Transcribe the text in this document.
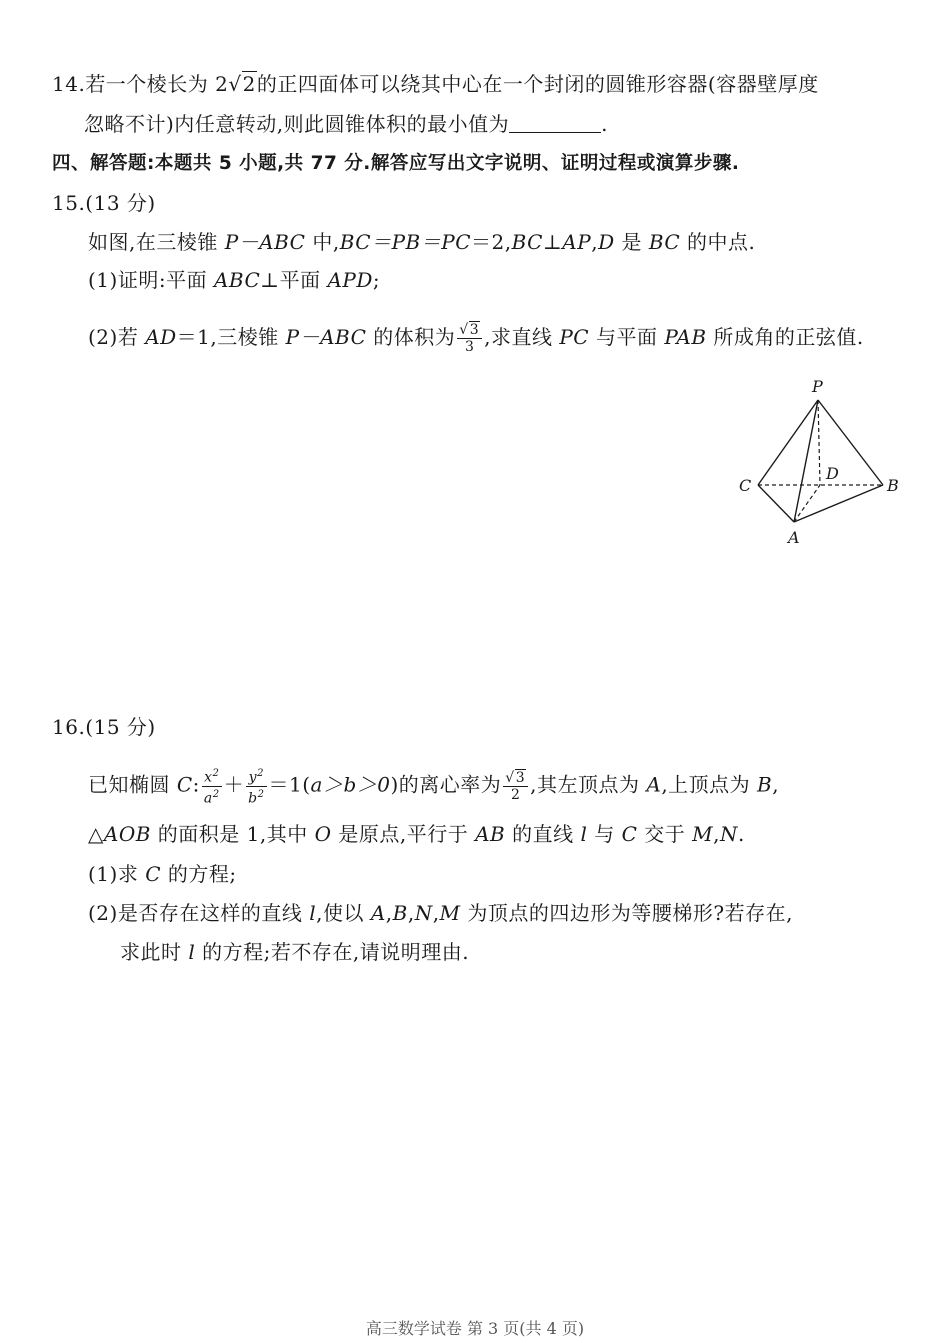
14.若一个棱长为 2√2的正四面体可以绕其中心在一个封闭的圆锥形容器(容器壁厚度
忽略不计)内任意转动,则此圆锥体积的最小值为	.
四、解答题:本题共 5 小题,共 77 分.解答应写出文字说明、证明过程或演算步骤.
15.(13 分)
如图,在三棱锥 P－ABC 中,BC＝PB＝PC＝2,BC⊥AP,D 是 BC 的中点.
(1)证明:平面 ABC⊥平面 APD;
(2)若 AD＝1,三棱锥 P－ABC 的体积为 $\frac{√3}{3}$ ,求直线 PC 与平面 PAB 所成角的正弦值.
P
C
D
B
A
16.(15 分)
已知椭圆 C: $\frac{x^2}{a^2} + \frac{y^2}{b^2} =1(a>b>0)$的离心率为 $\frac{√3}{2}$ ,其左顶点为 A,上顶点为 B,
△AOB 的面积是 1,其中 O 是原点,平行于 AB 的直线 l 与 C 交于 M,N.
(1)求 C 的方程;
(2)是否存在这样的直线 l,使以 A,B,N,M 为顶点的四边形为等腰梯形?若存在,
求此时 l 的方程;若不存在,请说明理由.
高三数学试卷 第 3 页(共 4 页)
